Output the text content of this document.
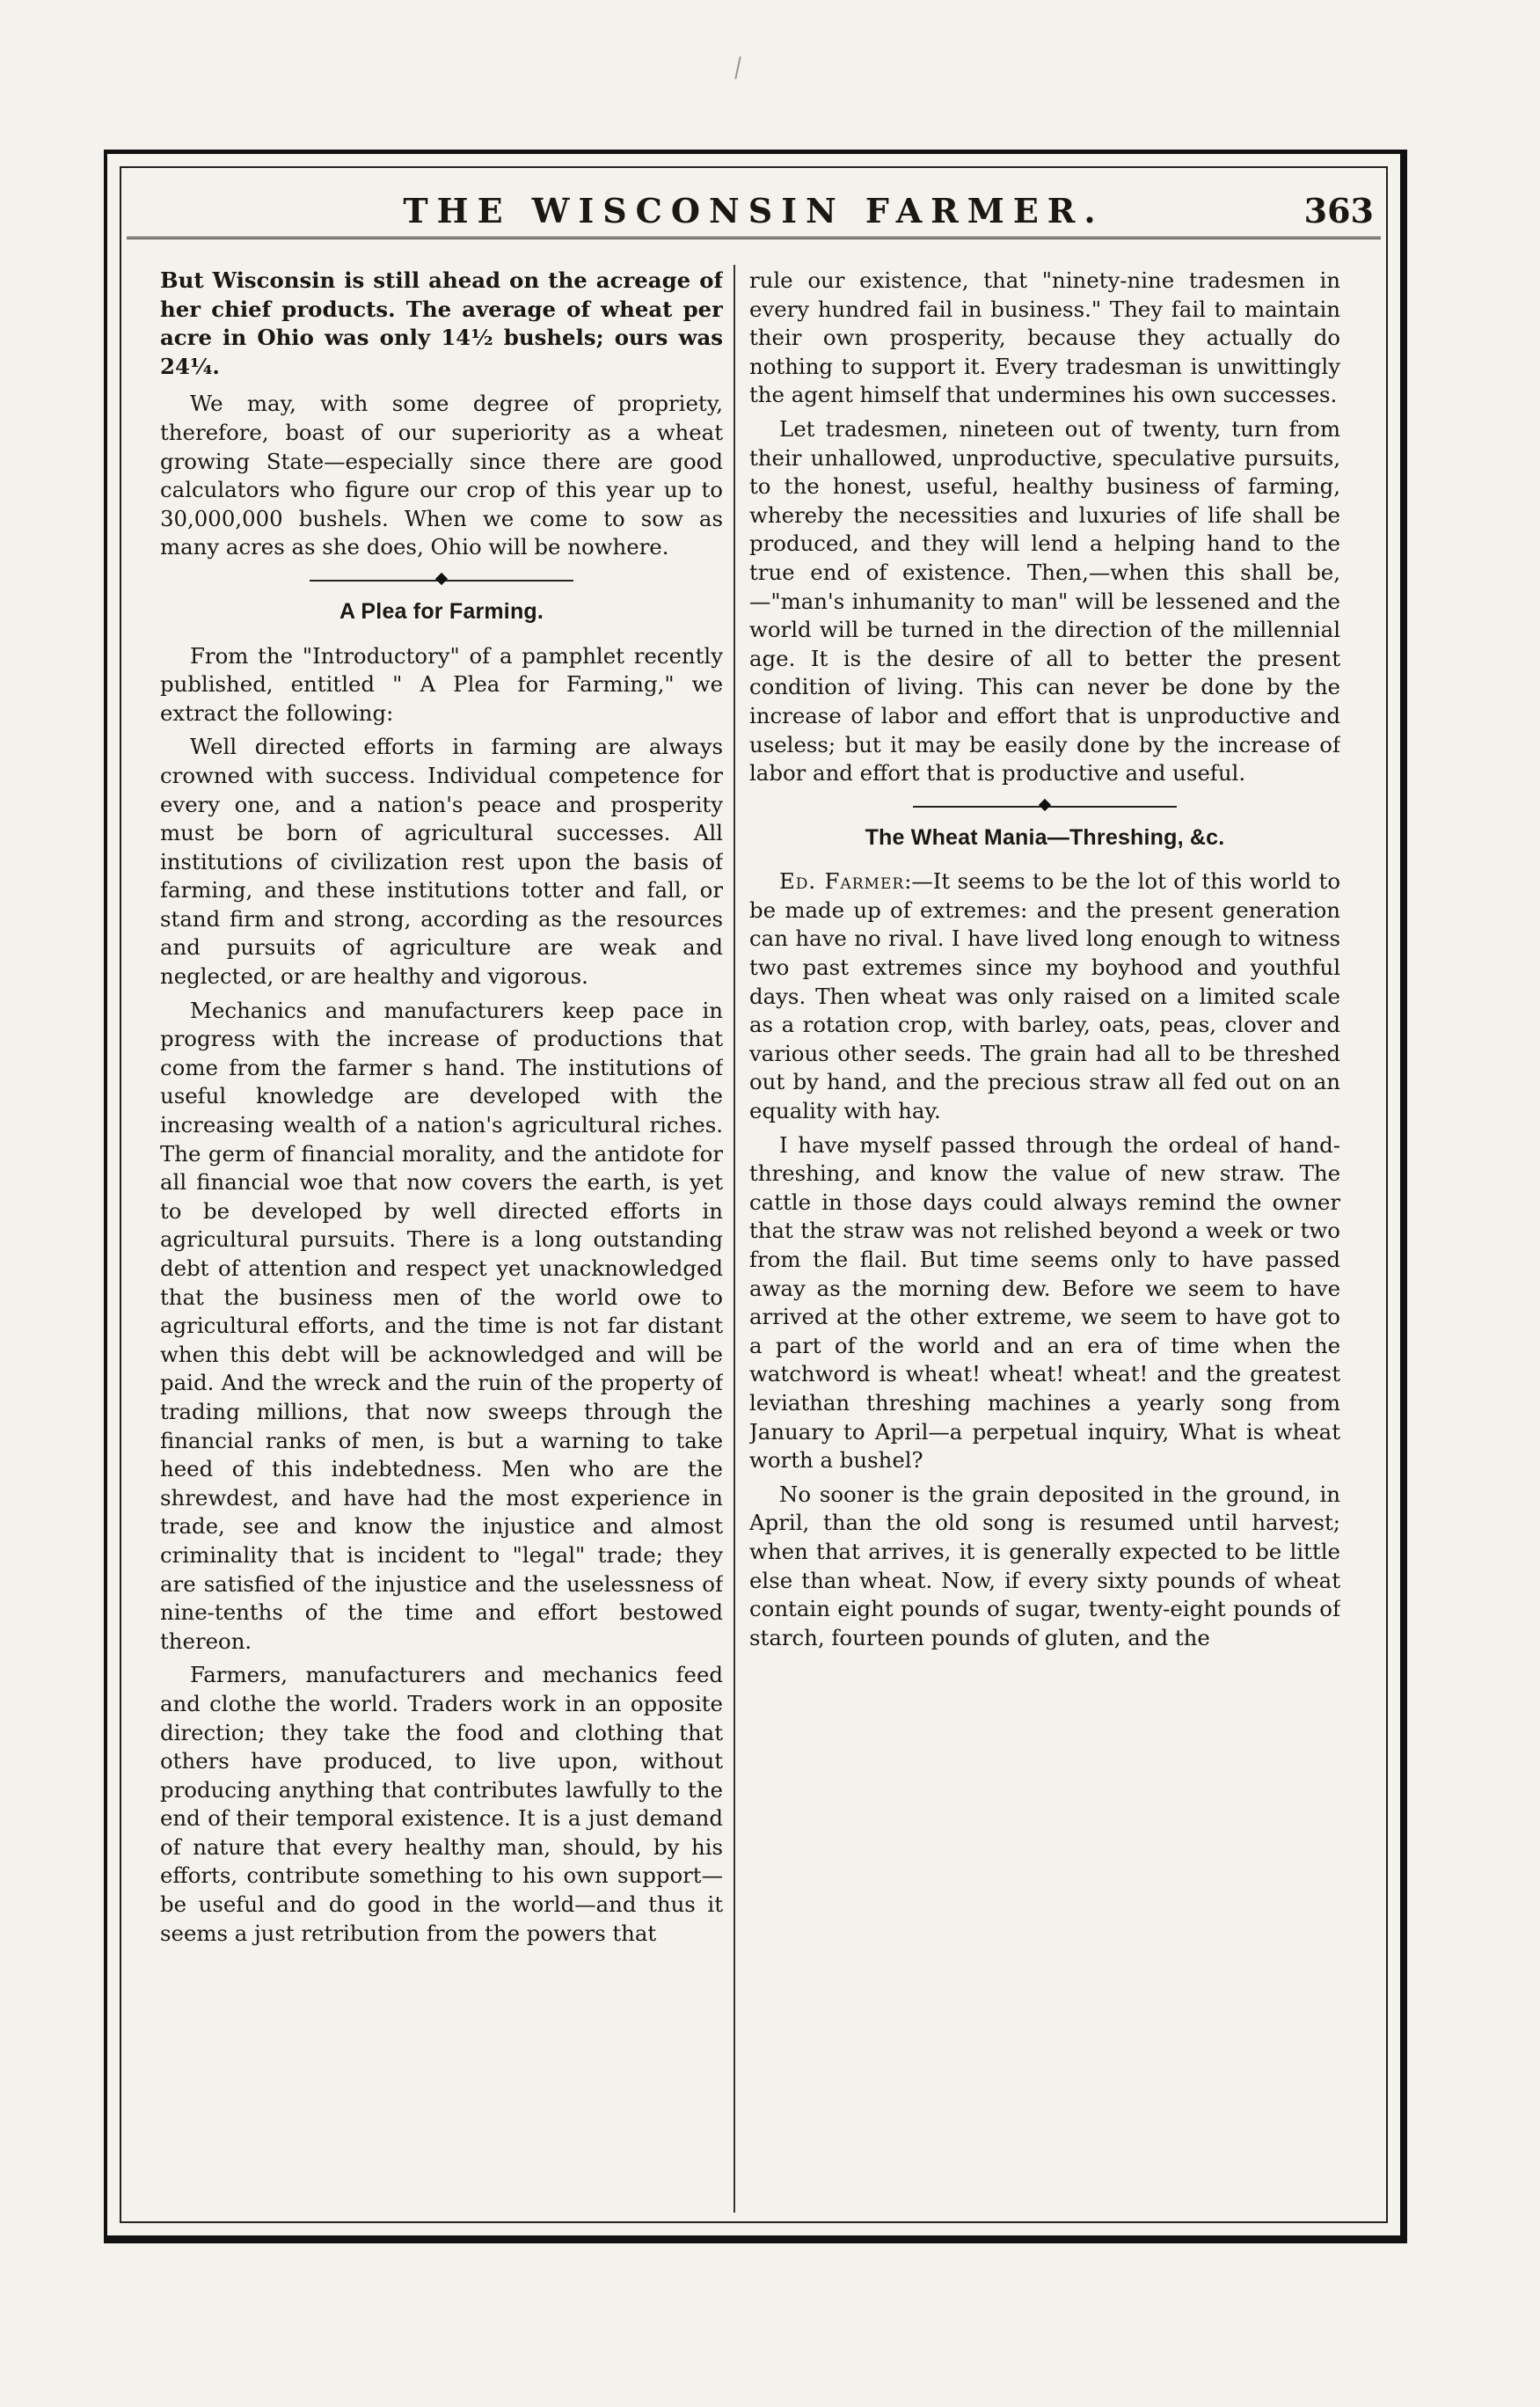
THE WISCONSIN FARMER.	363

But Wisconsin is still ahead on the acreage of her chief products. The average of wheat per acre in Ohio was only 14½ bushels; ours was 24¼.

We may, with some degree of propriety, therefore, boast of our superiority as a wheat growing State—especially since there are good calculators who figure our crop of this year up to 30,000,000 bushels. When we come to sow as many acres as she does, Ohio will be nowhere.

A Plea for Farming.

From the "Introductory" of a pamphlet recently published, entitled " A Plea for Farming," we extract the following:

Well directed efforts in farming are always crowned with success. Individual competence for every one, and a nation's peace and prosperity must be born of agricultural successes. All institutions of civilization rest upon the basis of farming, and these institutions totter and fall, or stand firm and strong, according as the resources and pursuits of agriculture are weak and neglected, or are healthy and vigorous.

Mechanics and manufacturers keep pace in progress with the increase of productions that come from the farmer s hand. The institutions of useful knowledge are developed with the increasing wealth of a nation's agricultural riches. The germ of financial morality, and the antidote for all financial woe that now covers the earth, is yet to be developed by well directed efforts in agricultural pursuits. There is a long outstanding debt of attention and respect yet unacknowledged that the business men of the world owe to agricultural efforts, and the time is not far distant when this debt will be acknowledged and will be paid. And the wreck and the ruin of the property of trading millions, that now sweeps through the financial ranks of men, is but a warning to take heed of this indebtedness. Men who are the shrewdest, and have had the most experience in trade, see and know the injustice and almost criminality that is incident to "legal" trade; they are satisfied of the injustice and the uselessness of nine-tenths of the time and effort bestowed thereon.

Farmers, manufacturers and mechanics feed and clothe the world. Traders work in an opposite direction; they take the food and clothing that others have produced, to live upon, without producing anything that contributes lawfully to the end of their temporal existence. It is a just demand of nature that every healthy man, should, by his efforts, contribute something to his own support—be useful and do good in the world—and thus it seems a just retribution from the powers that

rule our existence, that "ninety-nine tradesmen in every hundred fail in business." They fail to maintain their own prosperity, because they actually do nothing to support it. Every tradesman is unwittingly the agent himself that undermines his own successes.

Let tradesmen, nineteen out of twenty, turn from their unhallowed, unproductive, speculative pursuits, to the honest, useful, healthy business of farming, whereby the necessities and luxuries of life shall be produced, and they will lend a helping hand to the true end of existence. Then,—when this shall be,—"man's inhumanity to man" will be lessened and the world will be turned in the direction of the millennial age. It is the desire of all to better the present condition of living. This can never be done by the increase of labor and effort that is unproductive and useless; but it may be easily done by the increase of labor and effort that is productive and useful.

The Wheat Mania—Threshing, &c.

Ed. Farmer:—It seems to be the lot of this world to be made up of extremes: and the present generation can have no rival. I have lived long enough to witness two past extremes since my boyhood and youthful days. Then wheat was only raised on a limited scale as a rotation crop, with barley, oats, peas, clover and various other seeds. The grain had all to be threshed out by hand, and the precious straw all fed out on an equality with hay.

I have myself passed through the ordeal of hand-threshing, and know the value of new straw. The cattle in those days could always remind the owner that the straw was not relished beyond a week or two from the flail. But time seems only to have passed away as the morning dew. Before we seem to have arrived at the other extreme, we seem to have got to a part of the world and an era of time when the watchword is wheat! wheat! wheat! and the greatest leviathan threshing machines a yearly song from January to April—a perpetual inquiry, What is wheat worth a bushel?

No sooner is the grain deposited in the ground, in April, than the old song is resumed until harvest; when that arrives, it is generally expected to be little else than wheat. Now, if every sixty pounds of wheat contain eight pounds of sugar, twenty-eight pounds of starch, fourteen pounds of gluten, and the
